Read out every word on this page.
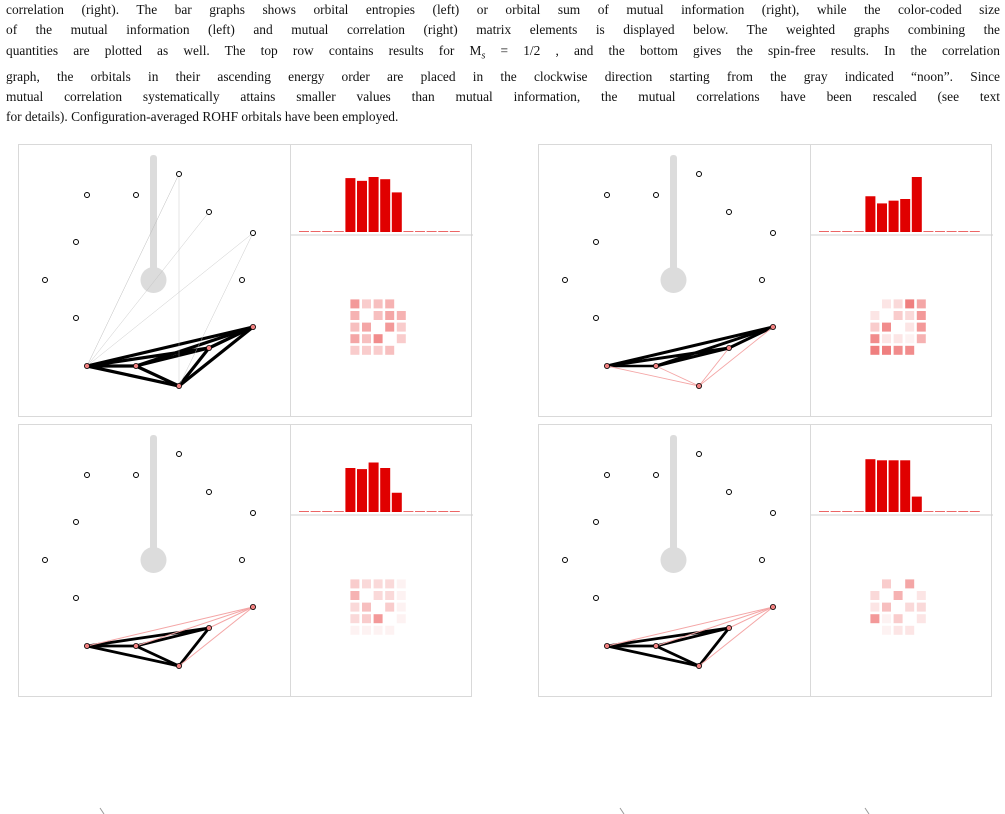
correlation (right). The bar graphs shows orbital entropies (left) or orbital sum of mutual information (right), while the color-coded size
of the mutual information (left) and mutual correlation (right) matrix elements is displayed below. The weighted graphs combining the
quantities are plotted as well. The top row contains results for $M_s = 1/2$ , and the bottom gives the spin-free results. In the correlation
graph, the orbitals in their ascending energy order are placed in the clockwise direction starting from the gray indicated “noon”. Since
mutual correlation systematically attains smaller values than mutual information, the mutual correlations have been rescaled (see text
for details). Configuration-averaged ROHF orbitals have been employed.
